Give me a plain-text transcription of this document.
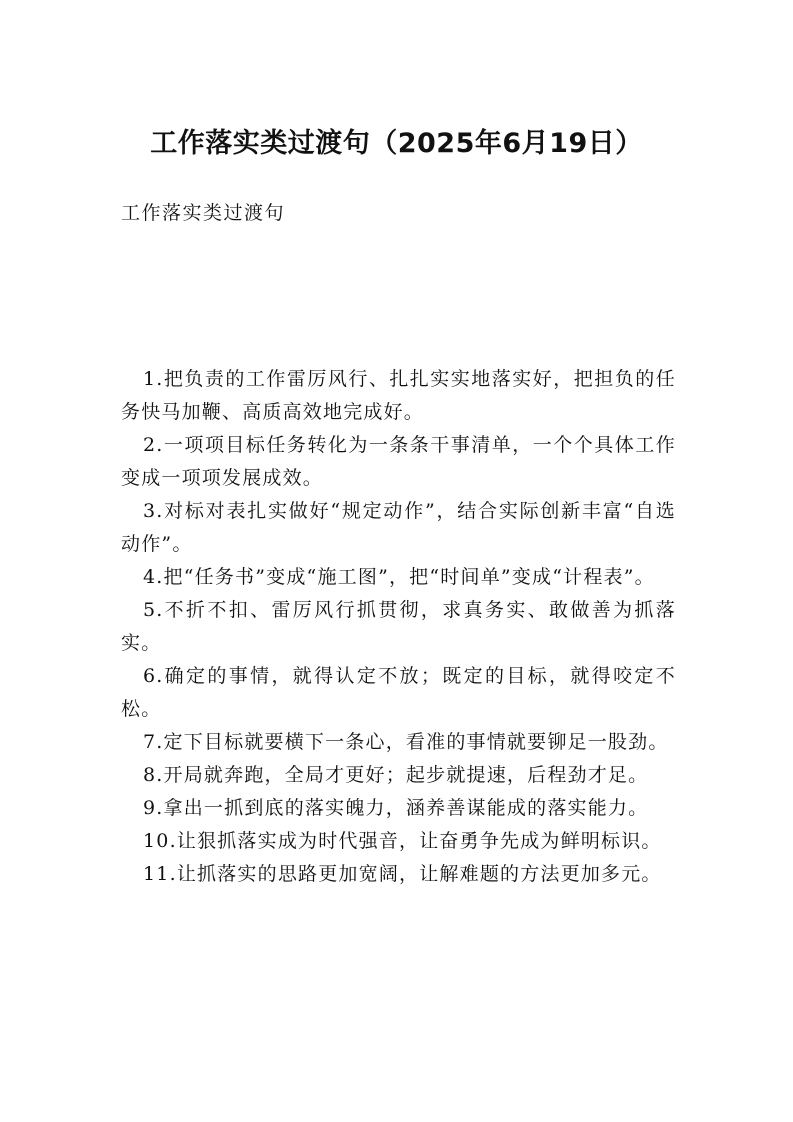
工作落实类过渡句（2025年6月19日）
工作落实类过渡句
1.把负责的工作雷厉风行、扎扎实实地落实好，把担负的任务快马加鞭、高质高效地完成好。
2.一项项目标任务转化为一条条干事清单，一个个具体工作变成一项项发展成效。
3.对标对表扎实做好“规定动作”，结合实际创新丰富“自选动作”。
4.把“任务书”变成“施工图”，把“时间单”变成“计程表”。
5.不折不扣、雷厉风行抓贯彻，求真务实、敢做善为抓落实。
6.确定的事情，就得认定不放；既定的目标，就得咬定不松。
7.定下目标就要横下一条心，看准的事情就要铆足一股劲。
8.开局就奔跑，全局才更好；起步就提速，后程劲才足。
9.拿出一抓到底的落实魄力，涵养善谋能成的落实能力。
10.让狠抓落实成为时代强音，让奋勇争先成为鲜明标识。
11.让抓落实的思路更加宽阔，让解难题的方法更加多元。
